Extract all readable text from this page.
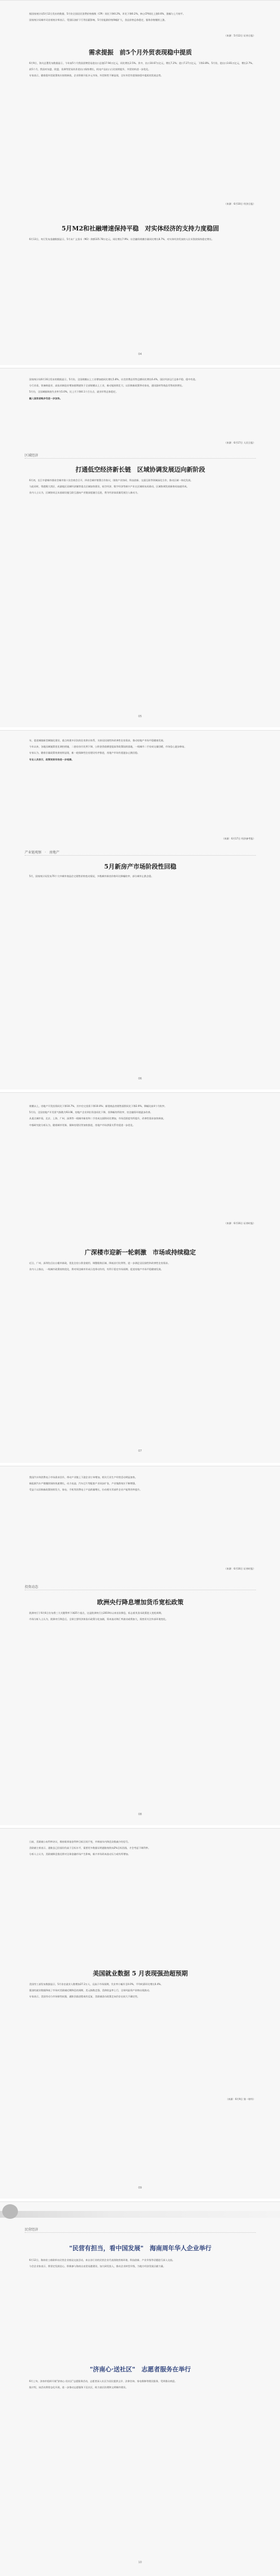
据国家统计局5月12日发布的数据，5月份全国居民消费价格指数（CPI）同比下降0.2%，环比下降0.2%，核心CPI同比上涨0.6%，涨幅与上月持平。

国家统计局城市司首席统计师表示，受国际油价下行等因素影响，5月份能源价格降幅扩大，食品价格总体稳定，服务价格继续上涨。

（来源：5月12日 证券日报）
需求提振　前5个月外贸表现稳中提质

6月9日，海关总署发布数据显示，今年前5个月我国货物贸易进出口总值17.94万亿元，同比增长2.5%。其中，出口10.67万亿元，增长7.2%；进口7.27万亿元，下降3.8%。5月份，进出口3.81万亿元，增长2.7%。

前5个月，我国对东盟、欧盟、非洲等贸易伙伴进出口保持增长，机电产品出口占比持续提升，外贸结构进一步优化。

专家表示，随着稳外贸政策效应持续释放，企业积极开拓多元市场，外贸韧性不断显现，全年外贸有望保持稳中提质的发展态势。

（来源：6月10日 经济日报）
5月M2和社融增速保持平稳　对实体经济的支持力度稳固

6月13日，央行发布金融数据显示，5月末广义货币（M2）余额325.78万亿元，同比增长7.9%；社会融资规模存量同比增长8.7%，对实体经济发放的人民币贷款保持稳定增长。

04

国家统计局6月16日发布的数据显示，5月份，全国规模以上工业增加值同比增长5.8%，社会消费品零售总额同比增长6.4%，国民经济运行总体平稳、稳中有进。

分行业看，装备制造业、高技术制造业增加值增速快于全部规模以上工业，新动能持续壮大；以旧换新政策带动家电、通讯器材等商品零售较快增长。

5月份，全国城镇调查失业率为5.0%，比上月下降0.1个百分点，就业形势总体稳定。

融入国家战略步伐进一步加快。

（来源：6月17日 人民日报）
区域经济
打通低空经济新长链　区域协调发展迈向新阶段

6月初，长江中游城市群省会城市第十次会商会召开，四省会城市签署合作协议，围绕产业协同、科技创新、交通互联等领域深化合作，推动区域一体化发展。

与此同时，粤港澳大湾区、成渝地区双城经济圈等重点区域加快建设，低空经济、数字经济等新兴产业在区域间布局联动，区域协调发展新格局加速形成。

业内人士认为，区域协同正从基础设施互联互通向产业链深度融合迈进，将为经济高质量发展注入新动力。

05

年，促进城镇新型城镇化建设，重点构建多层次的住房供应体系，支持居民刚性和改善性住房需求，推动房地产市场平稳健康发展。

今年以来，各地因城施策优化调控措施，二套房首付比例下调、公积金贷款额度提高等政策陆续落地，一线城市二手房成交量回暖，市场信心逐步修复。

专家认为，随着存量政策效果持续显现，新一轮保障性住房建设有序推进，房地产市场有望逐步止跌回稳。

专业人员表示，政策效果有待进一步观察。

（来源：6月17日 经济参考报）
产业链观察　·　房地产
5月新房产市场阶段性回稳

5月，国家统计局发布70个大中城市商品住宅销售价格变动情况，多数城市新房价格环比降幅收窄，部分城市止跌企稳。

06

规模以上，房地产开发投资同比下降10.7%，其中住宅投资下降10.0%；新建商品房销售面积同比下降2.9%，降幅比前4个月收窄。

5月份，全国房地产开发景气指数为93.08，房地产企业到位资金同比下降，但降幅有所收窄，房企融资环境逐步改善。

从重点城市看，北京、上海、广州、深圳等一线城市新房和二手房成交面积同比增加，市场活跃度有所提升，改善性需求加快释放。

中指研究院分析认为，随着城市更新、保障房建设等加快推进，房地产市场供需关系有望进一步优化。

（来源：6月16日 证券时报）
广深楼市迎新一轮刺激　市场或持续稳定

近日，广州、深圳先后出台楼市新政，优化住房公积金使用、调整限购区域、降低首付比例等，进一步满足居民刚性和改善性住房需求。

业内人士指出，一线城市政策持续优化，将对周边城市形成示范带动作用，有利于稳定市场预期、促进房地产市场平稳健康发展。

07

我国汽车和消费电子市场需求回升，带动产业链上下游企业订单增加，相关行业生产经营活动明显加快。

新能源汽车产销继续保持快速增长，动力电池、汽车芯片等配套产业同步扩张，产业集群效应不断增强。

受益于以旧换新政策持续发力，家电、手机等消费电子产品销量增长，拉动相关零部件企业产能利用率提升。

（来源：6月16日 证券时报）
投资动态
欧洲央行降息增加货币宽松政策

欧洲央行于6月6日宣布将三大关键利率下调25个基点，这是欧洲央行自2019年以来首次降息，标志着其货币政策进入宽松周期。

市场分析人士认为，欧洲央行降息后，全球主要经济体货币政策分化加剧，资本流动和汇率波动或将加大，需密切关注外部环境变化。

08

日前，美联储公布利率决议，维持联邦基金利率目标区间不变，并释放年内降息次数减少的信号。

美联储主席表示，通胀虽已回落但仍高于目标水平，需要更多数据证明通胀持续向2%目标回落，才会考虑下调利率。

分析人士认为，美联储降息推迟将对全球金融市场产生影响，新兴市场资本流动压力或有所增加。

美国就业数据 5 月表现强劲超预期

美国劳工部发布数据显示，5月非农就业人数增加27.2万人，远高于市场预期，失业率小幅升至4.0%，平均时薪环比增长0.4%。

强劲的就业数据降低了市场对美联储近期降息的预期，美元指数走强，美债收益率上行，全球风险资产价格出现波动。

专家表示，美国劳动力市场韧性较强，通胀回落进程或有反复，美联储货币政策走向仍存在较大不确定性。

（来源：6月9日 第一财经）
09
民营经济
"民营有担当，看中国发展"　海南周年华人企业举行

6月12日，海南省工商联举办民营企业座谈交流活动，来自各行业的民营企业代表围绕营商环境、科技创新、产业升级等话题进行深入交流。

与会企业家表示，将坚定发展信心，积极参与海南自由贸易港建设，加大研发投入，推动企业转型升级，为地方经济发展贡献力量。

"济南心·送社区"　志愿者服务在举行

6月上旬，济南市组织开展"济南心·送社区"志愿服务活动，志愿者深入社区为居民提供义诊、法律咨询、家电维修等便民服务，受到群众欢迎。

据介绍，该活动将常态化开展，进一步推动志愿服务下沉社区，助力基层治理和文明城市建设。

10
